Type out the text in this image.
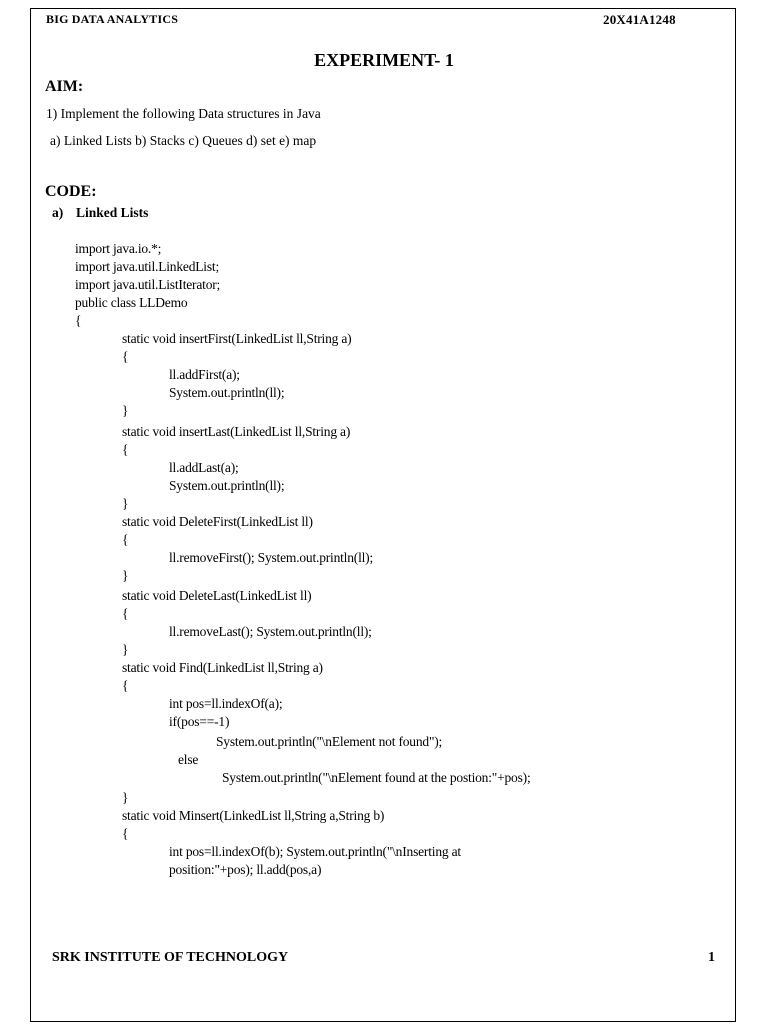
BIG DATA ANALYTICS	20X41A1248
EXPERIMENT- 1
AIM:
1) Implement the following Data structures in Java
a) Linked Lists b) Stacks c) Queues d) set e) map
CODE:
a) Linked Lists
import java.io.*;
import java.util.LinkedList;
import java.util.ListIterator;
public class LLDemo
{
static void insertFirst(LinkedList ll,String a)
{
ll.addFirst(a);
System.out.println(ll);
}
static void insertLast(LinkedList ll,String a)
{
ll.addLast(a);
System.out.println(ll);
}
static void DeleteFirst(LinkedList ll)
{
ll.removeFirst(); System.out.println(ll);
}
static void DeleteLast(LinkedList ll)
{
ll.removeLast(); System.out.println(ll);
}
static void Find(LinkedList ll,String a)
{
int pos=ll.indexOf(a);
if(pos==-1)
System.out.println("\nElement not found");
else
System.out.println("\nElement found at the postion:"+pos);
}
static void Minsert(LinkedList ll,String a,String b)
{
int pos=ll.indexOf(b); System.out.println("\nInserting at
position:"+pos); ll.add(pos,a)
SRK INSTITUTE OF TECHNOLOGY	1
